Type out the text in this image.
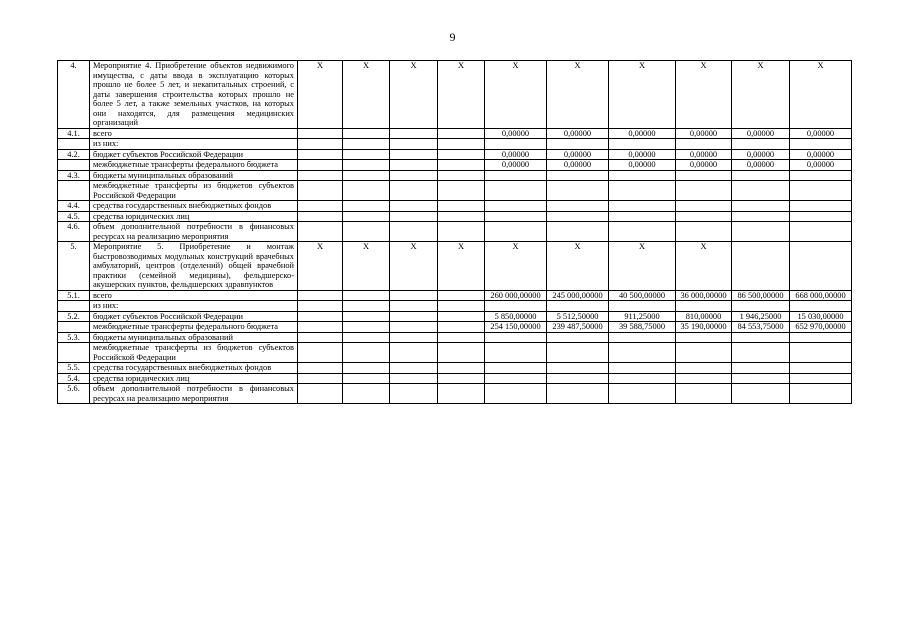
9
4.	Мероприятие 4. Приобретение объектов недвижимого имущества, с даты ввода в эксплуатацию которых прошло не более 5 лет, и некапитальных строений, с даты завершения строительства которых прошло не более 5 лет, а также земельных участков, на которых они находятся, для размещения медицинских организаций	X	X	X	X	X	X	X	X	X	X
4.1.	всего					0,00000	0,00000	0,00000	0,00000	0,00000	0,00000
	из них:										
4.2.	бюджет субъектов Российской Федерации					0,00000	0,00000	0,00000	0,00000	0,00000	0,00000
	межбюджетные трансферты федерального бюджета					0,00000	0,00000	0,00000	0,00000	0,00000	0,00000
4.3.	бюджеты муниципальных образований										
	межбюджетные трансферты из бюджетов субъектов Российской Федерации										
4.4.	средства государственных внебюджетных фондов										
4.5.	средства юридических лиц										
4.6.	объем дополнительной потребности в финансовых ресурсах на реализацию мероприятия										
5.	Мероприятие 5. Приобретение и монтаж быстровозводимых модульных конструкций врачебных амбулаторий, центров (отделений) общей врачебной практики (семейной медицины), фельдшерско-акушерских пунктов, фельдшерских здравпунктов	X	X	X	X	X	X	X	X		
5.1.	всего					260 000,00000	245 000,00000	40 500,00000	36 000,00000	86 500,00000	668 000,00000
	из них:										
5.2.	бюджет субъектов Российской Федерации					5 850,00000	5 512,50000	911,25000	810,00000	1 946,25000	15 030,00000
	межбюджетные трансферты федерального бюджета					254 150,00000	239 487,50000	39 588,75000	35 190,00000	84 553,75000	652 970,00000
5.3.	бюджеты муниципальных образований										
	межбюджетные трансферты из бюджетов субъектов Российской Федерации										
5.5.	средства государственных внебюджетных фондов										
5.4.	средства юридических лиц										
5.6.	объем дополнительной потребности в финансовых ресурсах на реализацию мероприятия										
